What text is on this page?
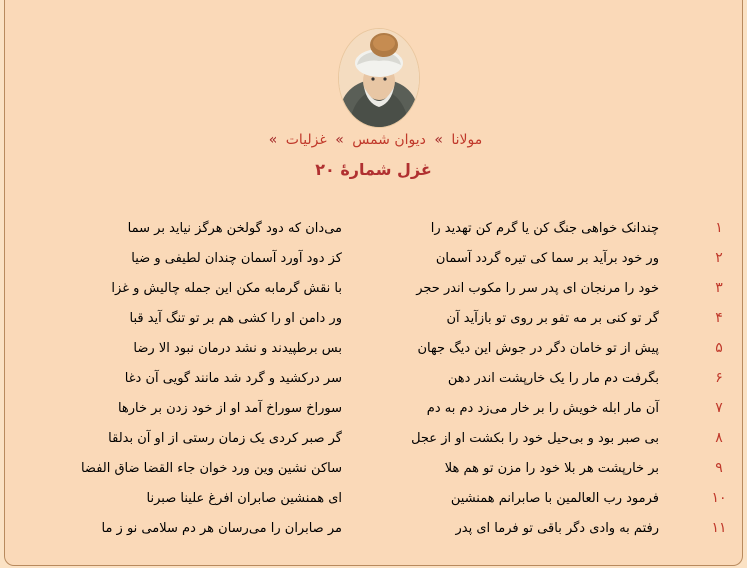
مولانا » دیوان شمس » غزلیات »
غزل شمارهٔ ۲۰
۱
چندانک خواهی جنگ کن یا گرم کن تهدید را
می‌دان که دود گولخن هرگز نیاید بر سما
۲
ور خود برآید بر سما کی تیره گردد آسمان
کز دود آورد آسمان چندان لطیفی و ضیا
۳
خود را مرنجان ای پدر سر را مکوب اندر حجر
با نقش گرمابه مکن این جمله چالیش و غزا
۴
گر تو کنی بر مه تفو بر روی تو بازآید آن
ور دامن او را کشی هم بر تو تنگ آید قبا
۵
پیش از تو خامان دگر در جوش این دیگ جهان
بس برطپیدند و نشد درمان نبود الا رضا
۶
بگرفت دم مار را یک خارپشت اندر دهن
سر درکشید و گرد شد مانند گویی آن دغا
۷
آن مار ابله خویش را بر خار می‌زد دم به دم
سوراخ سوراخ آمد او از خود زدن بر خارها
۸
بی صبر بود و بی‌حیل خود را بکشت او از عجل
گر صبر کردی یک زمان رستی از او آن بدلقا
۹
بر خارپشت هر بلا خود را مزن تو هم هلا
ساکن نشین وین ورد خوان جاء القضا ضاق الفضا
۱۰
فرمود رب العالمین با صابرانم همنشین
ای همنشین صابران افرغ علینا صبرنا
۱۱
رفتم به وادی دگر باقی تو فرما ای پدر
مر صابران را می‌رسان هر دم سلامی نو ز ما
